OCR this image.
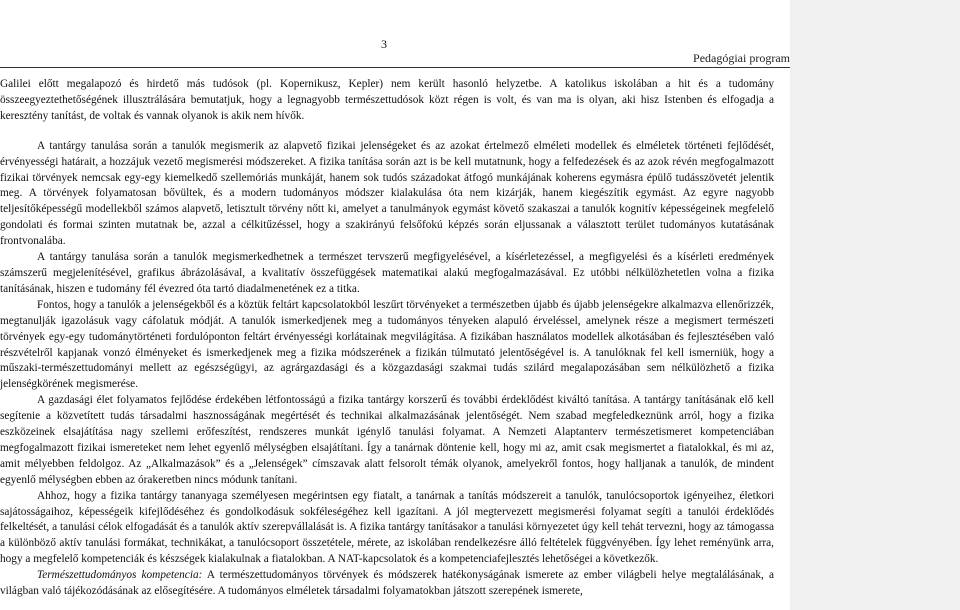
3
Pedagógiai program

Galilei előtt megalapozó és hirdető más tudósok (pl. Kopernikusz, Kepler) nem került hasonló helyzetbe. A katolikus iskolában a hit és a tudomány összeegyeztethetőségének illusztrálására bemutatjuk, hogy a legnagyobb természettudósok közt régen is volt, és van ma is olyan, aki hisz Istenben és elfogadja a keresztény tanítást, de voltak és vannak olyanok is akik nem hívők.

A tantárgy tanulása során a tanulók megismerik az alapvető fizikai jelenségeket és az azokat értelmező elméleti modellek és elméletek történeti fejlődését, érvényességi határait, a hozzájuk vezető megismerési módszereket. A fizika tanítása során azt is be kell mutatnunk, hogy a felfedezések és az azok révén megfogalmazott fizikai törvények nemcsak egy-egy kiemelkedő szellemóriás munkáját, hanem sok tudós századokat átfogó munkájának koherens egymásra épülő tudásszövetét jelentik meg. A törvények folyamatosan bővültek, és a modern tudományos módszer kialakulása óta nem kizárják, hanem kiegészítik egymást. Az egyre nagyobb teljesítőképességű modellekből számos alapvető, letisztult törvény nőtt ki, amelyet a tanulmányok egymást követő szakaszai a tanulók kognitív képességeinek megfelelő gondolati és formai szinten mutatnak be, azzal a célkitűzéssel, hogy a szakirányú felsőfokú képzés során eljussanak a választott terület tudományos kutatásának frontvonalába.

A tantárgy tanulása során a tanulók megismerkedhetnek a természet tervszerű megfigyelésével, a kísérletezéssel, a megfigyelési és a kísérleti eredmények számszerű megjelenítésével, grafikus ábrázolásával, a kvalitatív összefüggések matematikai alakú megfogalmazásával. Ez utóbbi nélkülözhetetlen volna a fizika tanításának, hiszen e tudomány fél évezred óta tartó diadalmenetének ez a titka.

Fontos, hogy a tanulók a jelenségekből és a köztük feltárt kapcsolatokból leszűrt törvényeket a természetben újabb és újabb jelenségekre alkalmazva ellenőrizzék, megtanulják igazolásuk vagy cáfolatuk módját. A tanulók ismerkedjenek meg a tudományos tényeken alapuló érveléssel, amelynek része a megismert természeti törvények egy-egy tudománytörténeti fordulóponton feltárt érvényességi korlátainak megvilágítása. A fizikában használatos modellek alkotásában és fejlesztésében való részvételről kapjanak vonzó élményeket és ismerkedjenek meg a fizika módszerének a fizikán túlmutató jelentőségével is. A tanulóknak fel kell ismerniük, hogy a műszaki-természettudományi mellett az egészségügyi, az agrárgazdasági és a közgazdasági szakmai tudás szilárd megalapozásában sem nélkülözhető a fizika jelenségkörének megismerése.

A gazdasági élet folyamatos fejlődése érdekében létfontosságú a fizika tantárgy korszerű és további érdeklődést kiváltó tanítása. A tantárgy tanításának elő kell segítenie a közvetített tudás társadalmi hasznosságának megértését és technikai alkalmazásának jelentőségét. Nem szabad megfeledkeznünk arról, hogy a fizika eszközeinek elsajátítása nagy szellemi erőfeszítést, rendszeres munkát igénylő tanulási folyamat. A Nemzeti Alaptanterv természetismeret kompetenciában megfogalmazott fizikai ismereteket nem lehet egyenlő mélységben elsajátítani. Így a tanárnak döntenie kell, hogy mi az, amit csak megismertet a fiatalokkal, és mi az, amit mélyebben feldolgoz. Az „Alkalmazások” és a „Jelenségek” címszavak alatt felsorolt témák olyanok, amelyekről fontos, hogy halljanak a tanulók, de mindent egyenlő mélységben ebben az órakeretben nincs módunk tanítani.

Ahhoz, hogy a fizika tantárgy tananyaga személyesen megérintsen egy fiatalt, a tanárnak a tanítás módszereit a tanulók, tanulócsoportok igényeihez, életkori sajátosságaihoz, képességeik kifejlődéséhez és gondolkodásuk sokféleségéhez kell igazítani. A jól megtervezett megismerési folyamat segíti a tanulói érdeklődés felkeltését, a tanulási célok elfogadását és a tanulók aktív szerepvállalását is. A fizika tantárgy tanításakor a tanulási környezetet úgy kell tehát tervezni, hogy az támogassa a különböző aktív tanulási formákat, technikákat, a tanulócsoport összetétele, mérete, az iskolában rendelkezésre álló feltételek függvényében. Így lehet reményünk arra, hogy a megfelelő kompetenciák és készségek kialakulnak a fiatalokban. A NAT-kapcsolatok és a kompetenciafejlesztés lehetőségei a következők.

Természettudományos kompetencia: A természettudományos törvények és módszerek hatékonyságának ismerete az ember világbeli helye megtalálásának, a világban való tájékozódásának az elősegítésére. A tudományos elméletek társadalmi folyamatokban játszott szerepének ismerete,
